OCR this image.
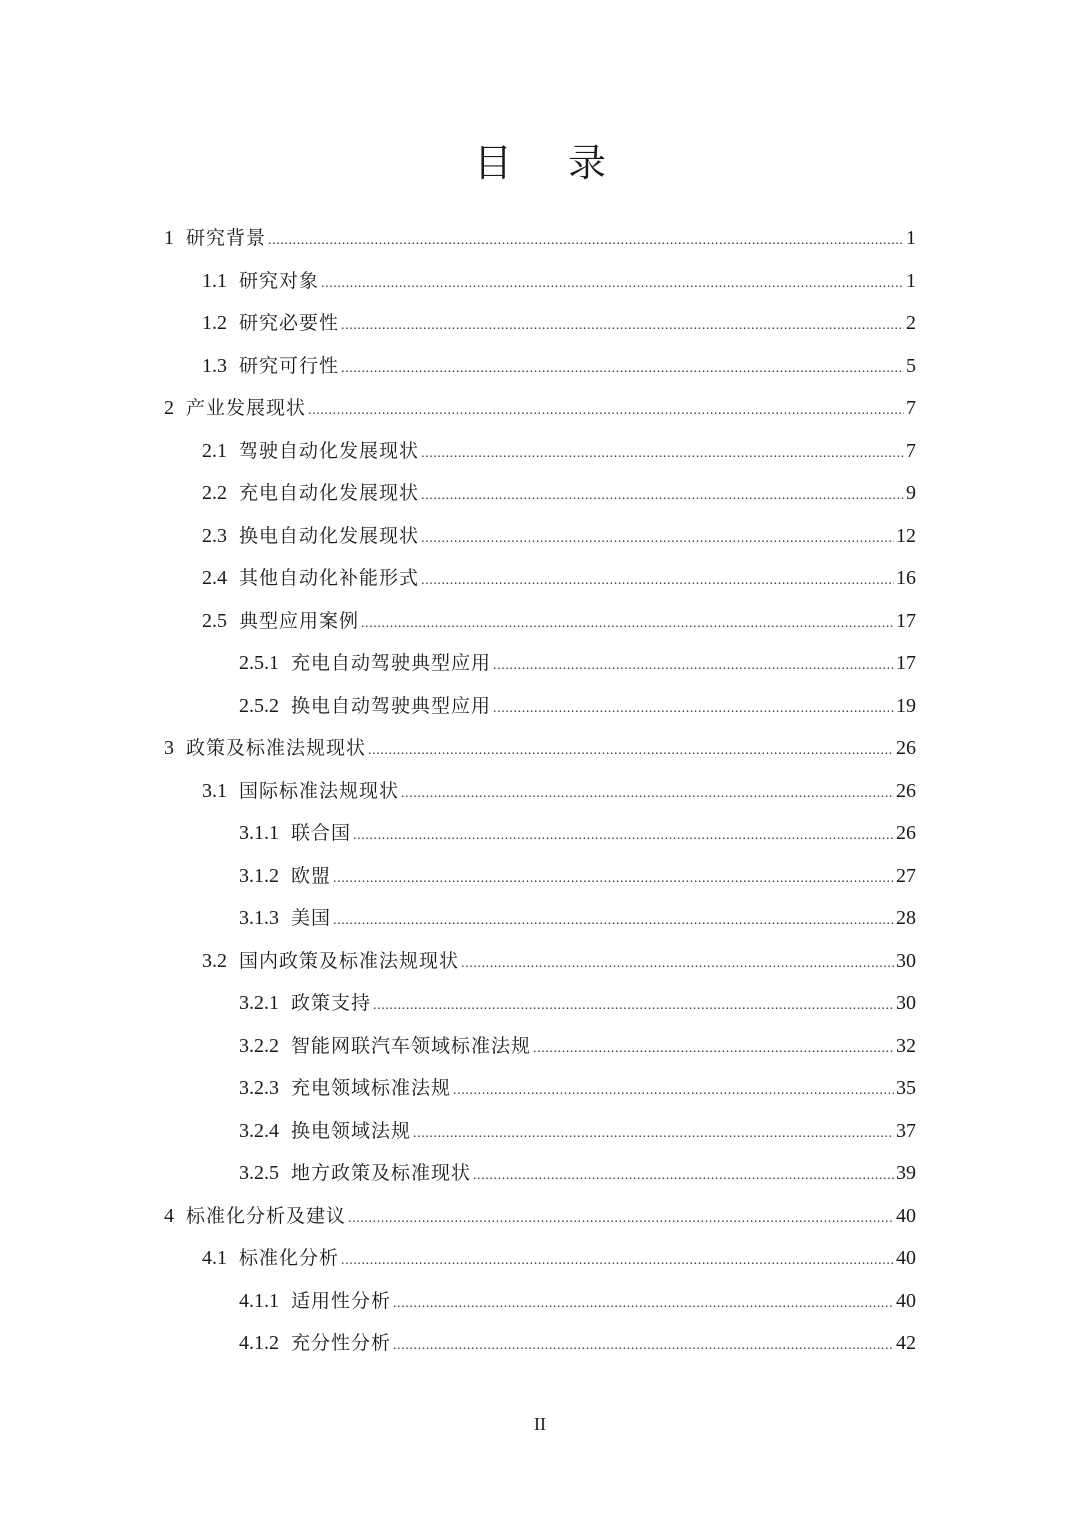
目 录
1 研究背景 .....	1
1.1 研究对象 .....	1
1.2 研究必要性 .....	2
1.3 研究可行性 .....	5
2 产业发展现状 .....	7
2.1 驾驶自动化发展现状 .....	7
2.2 充电自动化发展现状 .....	9
2.3 换电自动化发展现状 .....	12
2.4 其他自动化补能形式 .....	16
2.5 典型应用案例 .....	17
2.5.1 充电自动驾驶典型应用 .....	17
2.5.2 换电自动驾驶典型应用 .....	19
3 政策及标准法规现状 .....	26
3.1 国际标准法规现状 .....	26
3.1.1 联合国 .....	26
3.1.2 欧盟 .....	27
3.1.3 美国 .....	28
3.2 国内政策及标准法规现状 .....	30
3.2.1 政策支持 .....	30
3.2.2 智能网联汽车领域标准法规 .....	32
3.2.3 充电领域标准法规 .....	35
3.2.4 换电领域法规 .....	37
3.2.5 地方政策及标准现状 .....	39
4 标准化分析及建议 .....	40
4.1 标准化分析 .....	40
4.1.1 适用性分析 .....	40
4.1.2 充分性分析 .....	42
II
